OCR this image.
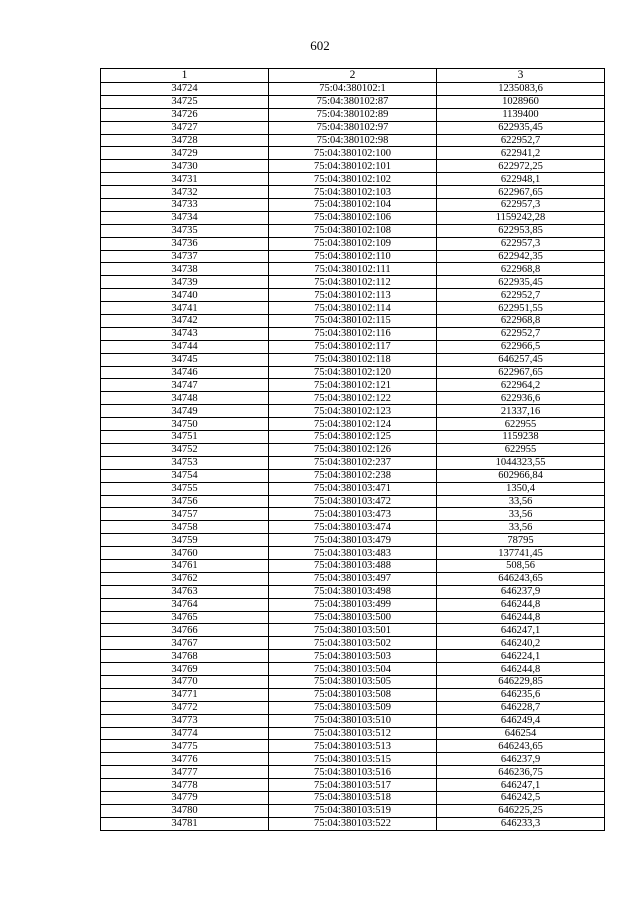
602
1	2	3
34724	75:04:380102:1	1235083,6
34725	75:04:380102:87	1028960
34726	75:04:380102:89	1139400
34727	75:04:380102:97	622935,45
34728	75:04:380102:98	622952,7
34729	75:04:380102:100	622941,2
34730	75:04:380102:101	622972,25
34731	75:04:380102:102	622948,1
34732	75:04:380102:103	622967,65
34733	75:04:380102:104	622957,3
34734	75:04:380102:106	1159242,28
34735	75:04:380102:108	622953,85
34736	75:04:380102:109	622957,3
34737	75:04:380102:110	622942,35
34738	75:04:380102:111	622968,8
34739	75:04:380102:112	622935,45
34740	75:04:380102:113	622952,7
34741	75:04:380102:114	622951,55
34742	75:04:380102:115	622968,8
34743	75:04:380102:116	622952,7
34744	75:04:380102:117	622966,5
34745	75:04:380102:118	646257,45
34746	75:04:380102:120	622967,65
34747	75:04:380102:121	622964,2
34748	75:04:380102:122	622936,6
34749	75:04:380102:123	21337,16
34750	75:04:380102:124	622955
34751	75:04:380102:125	1159238
34752	75:04:380102:126	622955
34753	75:04:380102:237	1044323,55
34754	75:04:380102:238	602966,84
34755	75:04:380103:471	1350,4
34756	75:04:380103:472	33,56
34757	75:04:380103:473	33,56
34758	75:04:380103:474	33,56
34759	75:04:380103:479	78795
34760	75:04:380103:483	137741,45
34761	75:04:380103:488	508,56
34762	75:04:380103:497	646243,65
34763	75:04:380103:498	646237,9
34764	75:04:380103:499	646244,8
34765	75:04:380103:500	646244,8
34766	75:04:380103:501	646247,1
34767	75:04:380103:502	646240,2
34768	75:04:380103:503	646224,1
34769	75:04:380103:504	646244,8
34770	75:04:380103:505	646229,85
34771	75:04:380103:508	646235,6
34772	75:04:380103:509	646228,7
34773	75:04:380103:510	646249,4
34774	75:04:380103:512	646254
34775	75:04:380103:513	646243,65
34776	75:04:380103:515	646237,9
34777	75:04:380103:516	646236,75
34778	75:04:380103:517	646247,1
34779	75:04:380103:518	646242,5
34780	75:04:380103:519	646225,25
34781	75:04:380103:522	646233,3
